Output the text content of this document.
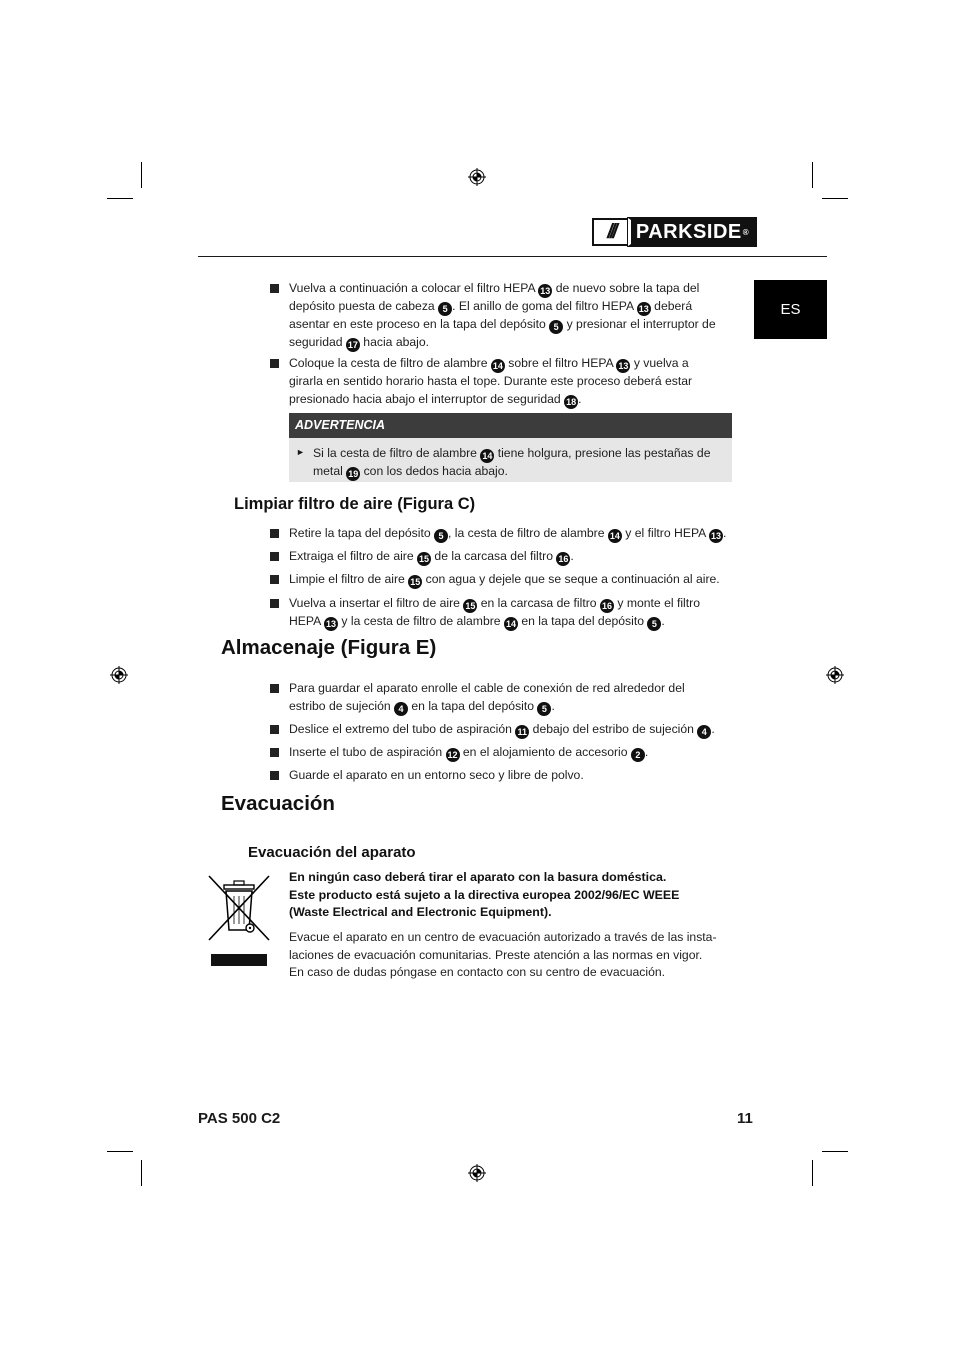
///	PARKSIDE ®
ES
Vuelva a continuación a colocar el filtro HEPA 13 de nuevo sobre la tapa del
depósito puesta de cabeza 5 . El anillo de goma del filtro HEPA 13 deberá
asentar en este proceso en la tapa del depósito 5 y presionar el interruptor de
seguridad 17 hacia abajo.
Coloque la cesta de filtro de alambre 14 sobre el filtro HEPA 13 y vuelva a
girarla en sentido horario hasta el tope. Durante este proceso deberá estar
presionado hacia abajo el interruptor de seguridad 18 .
ADVERTENCIA
► Si la cesta de filtro de alambre 14 tiene holgura, presione las pestañas de
metal 19 con los dedos hacia abajo.
Limpiar filtro de aire (Figura C)
Retire la tapa del depósito 5 , la cesta de filtro de alambre 14 y el filtro HEPA 13 .
Extraiga el filtro de aire 15 de la carcasa del filtro 16 .
Limpie el filtro de aire 15 con agua y dejele que se seque a continuación al aire.
Vuelva a insertar el filtro de aire 15 en la carcasa de filtro 16 y monte el filtro
HEPA 13 y la cesta de filtro de alambre 14 en la tapa del depósito 5 .
Almacenaje (Figura E)
Para guardar el aparato enrolle el cable de conexión de red alrededor del
estribo de sujeción 4 en la tapa del depósito 5 .
Deslice el extremo del tubo de aspiración 11 debajo del estribo de sujeción 4 .
Inserte el tubo de aspiración 12 en el alojamiento de accesorio 2 .
Guarde el aparato en un entorno seco y libre de polvo.
Evacuación
Evacuación del aparato
En ningún caso deberá tirar el aparato con la basura doméstica.
Este producto está sujeto a la directiva europea 2002/96/EC WEEE
(Waste Electrical and Electronic Equipment).
Evacue el aparato en un centro de evacuación autorizado a través de las insta-
laciones de evacuación comunitarias. Preste atención a las normas en vigor.
En caso de dudas póngase en contacto con su centro de evacuación.
PAS 500 C2	11
